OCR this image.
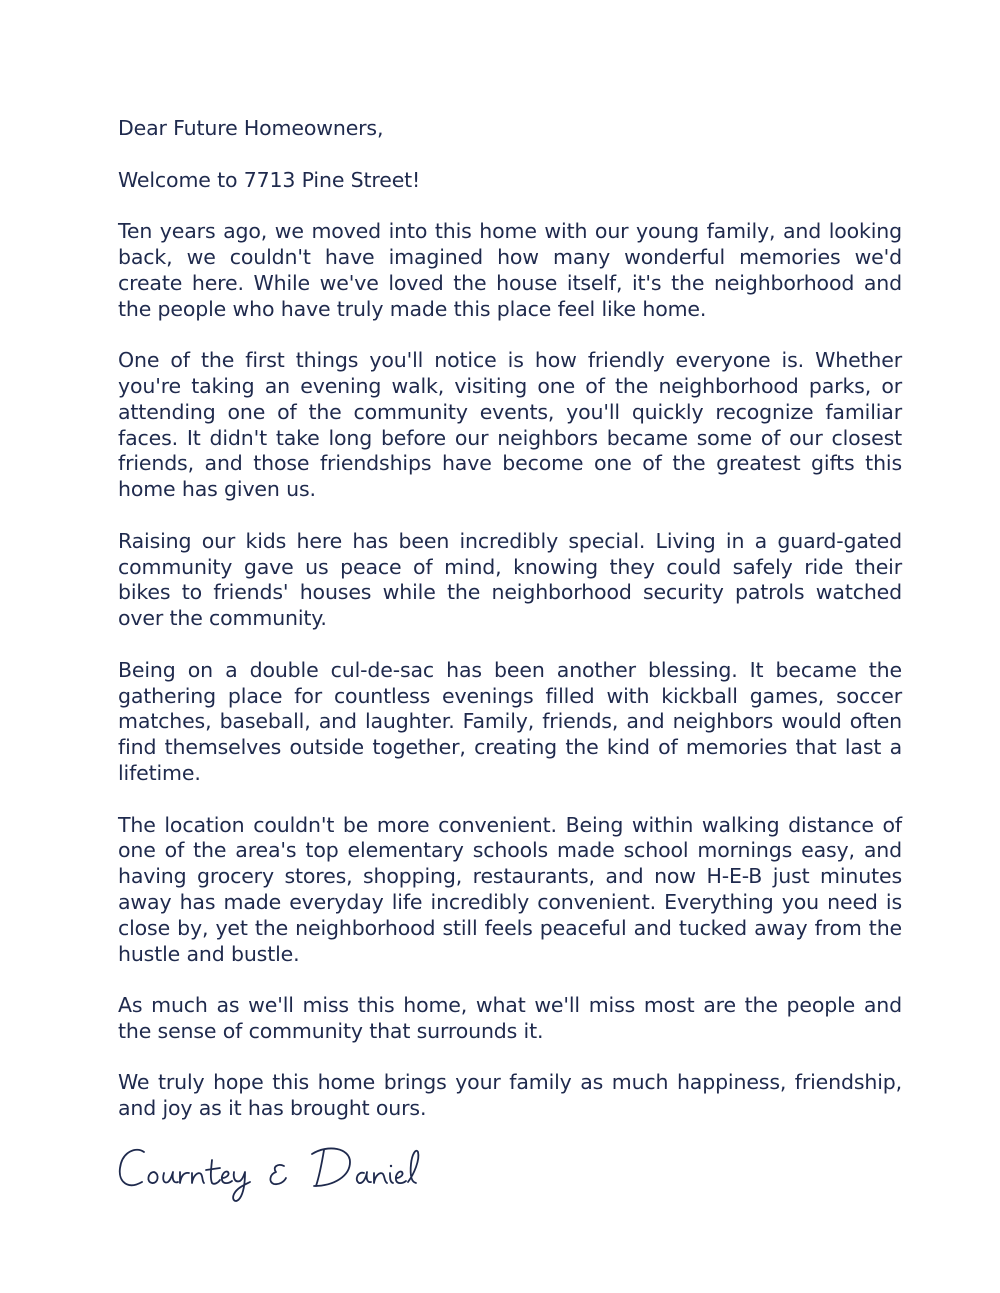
Dear Future Homeowners,

Welcome to 7713 Pine Street!

Ten years ago, we moved into this home with our young family, and looking back, we couldn't have imagined how many wonderful memories we'd create here. While we've loved the house itself, it's the neighborhood and the people who have truly made this place feel like home.

One of the first things you'll notice is how friendly everyone is. Whether you're taking an evening walk, visiting one of the neighborhood parks, or attending one of the community events, you'll quickly recognize familiar faces. It didn't take long before our neighbors became some of our closest friends, and those friendships have become one of the greatest gifts this home has given us.

Raising our kids here has been incredibly special. Living in a guard-gated community gave us peace of mind, knowing they could safely ride their bikes to friends' houses while the neighborhood security patrols watched over the community.

Being on a double cul-de-sac has been another blessing. It became the gathering place for countless evenings filled with kickball games, soccer matches, baseball, and laughter. Family, friends, and neighbors would often find themselves outside together, creating the kind of memories that last a lifetime.

The location couldn't be more convenient. Being within walking distance of one of the area's top elementary schools made school mornings easy, and having grocery stores, shopping, restaurants, and now H-E-B just minutes away has made everyday life incredibly convenient. Everything you need is close by, yet the neighborhood still feels peaceful and tucked away from the hustle and bustle.

As much as we'll miss this home, what we'll miss most are the people and the sense of community that surrounds it.

We truly hope this home brings your family as much happiness, friendship, and joy as it has brought ours.
